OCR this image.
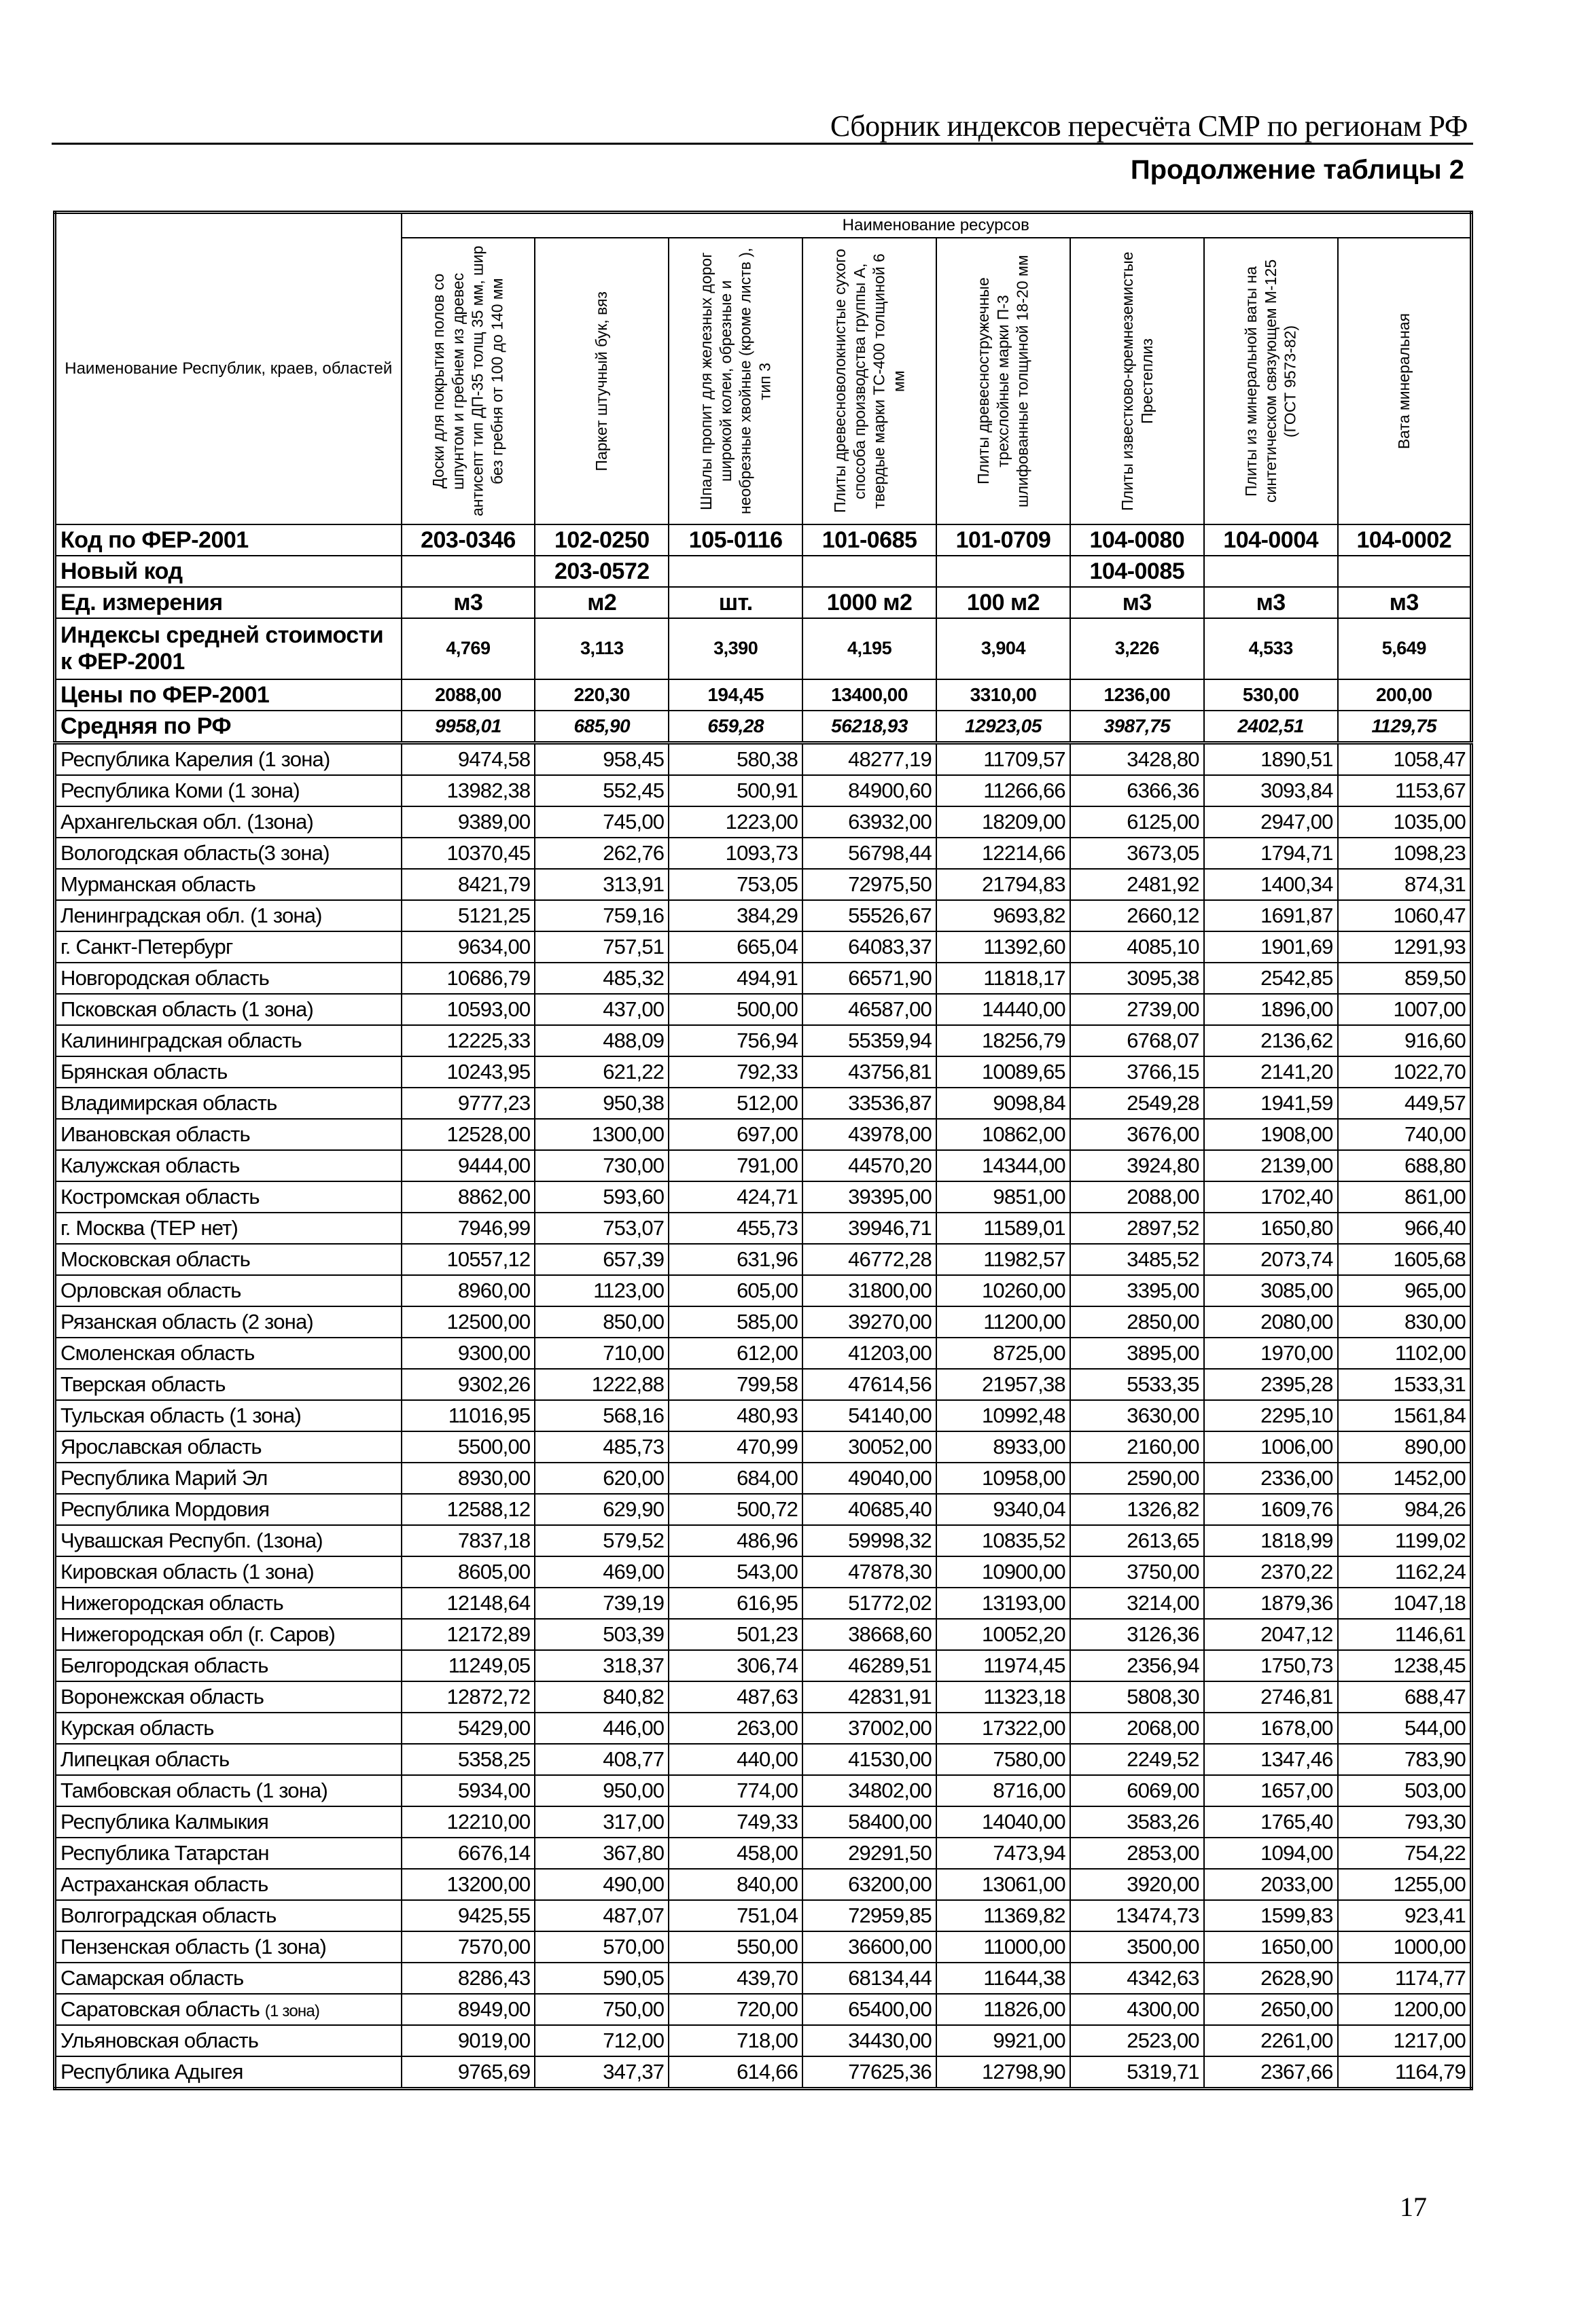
Сборник индексов пересчёта СМР по регионам РФ
Продолжение таблицы 2
Наименование Республик, краев, областей	Наименование ресурсов							

	Доски для покрытия полов со шпунтом и гребнем из древес антисепт тип ДП-35 толщ 35 мм, шир без гребня от 100 до 140 мм	Паркет штучный бук, вяз	Шпалы пропит для железных дорог широкой колеи, обрезные и необрезные хвойные (кроме листв ), тип 3	Плиты древесноволокнистые сухого способа производства группы А, твердые марки ТС-400 толщиной 6 мм	Плиты древесностружечные трехслойные марки П-3 шлифованные толщиной 18-20 мм	Плиты известково-кремнеземистые Престеплиз	Плиты из минеральной ваты на синтетическом связующем М-125 (ГОСТ 9573-82)	Вата минеральная

Код по ФЕР-2001	203-0346	102-0250	105-0116	101-0685	101-0709	104-0080	104-0004	104-0002
Новый код		203-0572				104-0085		
Ед. измерения	м3	м2	шт.	1000 м2	100 м2	м3	м3	м3
Индексы средней стоимости к ФЕР-2001	4,769	3,113	3,390	4,195	3,904	3,226	4,533	5,649
Цены по ФЕР-2001	2088,00	220,30	194,45	13400,00	3310,00	1236,00	530,00	200,00
Средняя по РФ	9958,01	685,90	659,28	56218,93	12923,05	3987,75	2402,51	1129,75
Республика Карелия (1 зона)	9474,58	958,45	580,38	48277,19	11709,57	3428,80	1890,51	1058,47
Республика Коми (1 зона)	13982,38	552,45	500,91	84900,60	11266,66	6366,36	3093,84	1153,67
Архангельская обл. (1зона)	9389,00	745,00	1223,00	63932,00	18209,00	6125,00	2947,00	1035,00
Вологодская область(3 зона)	10370,45	262,76	1093,73	56798,44	12214,66	3673,05	1794,71	1098,23
Мурманская область	8421,79	313,91	753,05	72975,50	21794,83	2481,92	1400,34	874,31
Ленинградская обл. (1 зона)	5121,25	759,16	384,29	55526,67	9693,82	2660,12	1691,87	1060,47
г. Санкт-Петербург	9634,00	757,51	665,04	64083,37	11392,60	4085,10	1901,69	1291,93
Новгородская область	10686,79	485,32	494,91	66571,90	11818,17	3095,38	2542,85	859,50
Псковская область (1 зона)	10593,00	437,00	500,00	46587,00	14440,00	2739,00	1896,00	1007,00
Калининградская область	12225,33	488,09	756,94	55359,94	18256,79	6768,07	2136,62	916,60
Брянская область	10243,95	621,22	792,33	43756,81	10089,65	3766,15	2141,20	1022,70
Владимирская область	9777,23	950,38	512,00	33536,87	9098,84	2549,28	1941,59	449,57
Ивановская область	12528,00	1300,00	697,00	43978,00	10862,00	3676,00	1908,00	740,00
Калужская область	9444,00	730,00	791,00	44570,20	14344,00	3924,80	2139,00	688,80
Костромская область	8862,00	593,60	424,71	39395,00	9851,00	2088,00	1702,40	861,00
г. Москва (ТЕР нет)	7946,99	753,07	455,73	39946,71	11589,01	2897,52	1650,80	966,40
Московская область	10557,12	657,39	631,96	46772,28	11982,57	3485,52	2073,74	1605,68
Орловская область	8960,00	1123,00	605,00	31800,00	10260,00	3395,00	3085,00	965,00
Рязанская область (2 зона)	12500,00	850,00	585,00	39270,00	11200,00	2850,00	2080,00	830,00
Смоленская область	9300,00	710,00	612,00	41203,00	8725,00	3895,00	1970,00	1102,00
Тверская область	9302,26	1222,88	799,58	47614,56	21957,38	5533,35	2395,28	1533,31
Тульская область (1 зона)	11016,95	568,16	480,93	54140,00	10992,48	3630,00	2295,10	1561,84
Ярославская область	5500,00	485,73	470,99	30052,00	8933,00	2160,00	1006,00	890,00
Республика Марий Эл	8930,00	620,00	684,00	49040,00	10958,00	2590,00	2336,00	1452,00
Республика Мордовия	12588,12	629,90	500,72	40685,40	9340,04	1326,82	1609,76	984,26
Чувашская Респубп. (1зона)	7837,18	579,52	486,96	59998,32	10835,52	2613,65	1818,99	1199,02
Кировская область (1 зона)	8605,00	469,00	543,00	47878,30	10900,00	3750,00	2370,22	1162,24
Нижегородская область	12148,64	739,19	616,95	51772,02	13193,00	3214,00	1879,36	1047,18
Нижегородская обл (г. Саров)	12172,89	503,39	501,23	38668,60	10052,20	3126,36	2047,12	1146,61
Белгородская область	11249,05	318,37	306,74	46289,51	11974,45	2356,94	1750,73	1238,45
Воронежская область	12872,72	840,82	487,63	42831,91	11323,18	5808,30	2746,81	688,47
Курская область	5429,00	446,00	263,00	37002,00	17322,00	2068,00	1678,00	544,00
Липецкая область	5358,25	408,77	440,00	41530,00	7580,00	2249,52	1347,46	783,90
Тамбовская область (1 зона)	5934,00	950,00	774,00	34802,00	8716,00	6069,00	1657,00	503,00
Республика Калмыкия	12210,00	317,00	749,33	58400,00	14040,00	3583,26	1765,40	793,30
Республика Татарстан	6676,14	367,80	458,00	29291,50	7473,94	2853,00	1094,00	754,22
Астраханская область	13200,00	490,00	840,00	63200,00	13061,00	3920,00	2033,00	1255,00
Волгоградская область	9425,55	487,07	751,04	72959,85	11369,82	13474,73	1599,83	923,41
Пензенская область (1 зона)	7570,00	570,00	550,00	36600,00	11000,00	3500,00	1650,00	1000,00
Самарская область	8286,43	590,05	439,70	68134,44	11644,38	4342,63	2628,90	1174,77
Саратовская область (1 зона)	8949,00	750,00	720,00	65400,00	11826,00	4300,00	2650,00	1200,00
Ульяновская область	9019,00	712,00	718,00	34430,00	9921,00	2523,00	2261,00	1217,00
Республика Адыгея	9765,69	347,37	614,66	77625,36	12798,90	5319,71	2367,66	1164,79
17
